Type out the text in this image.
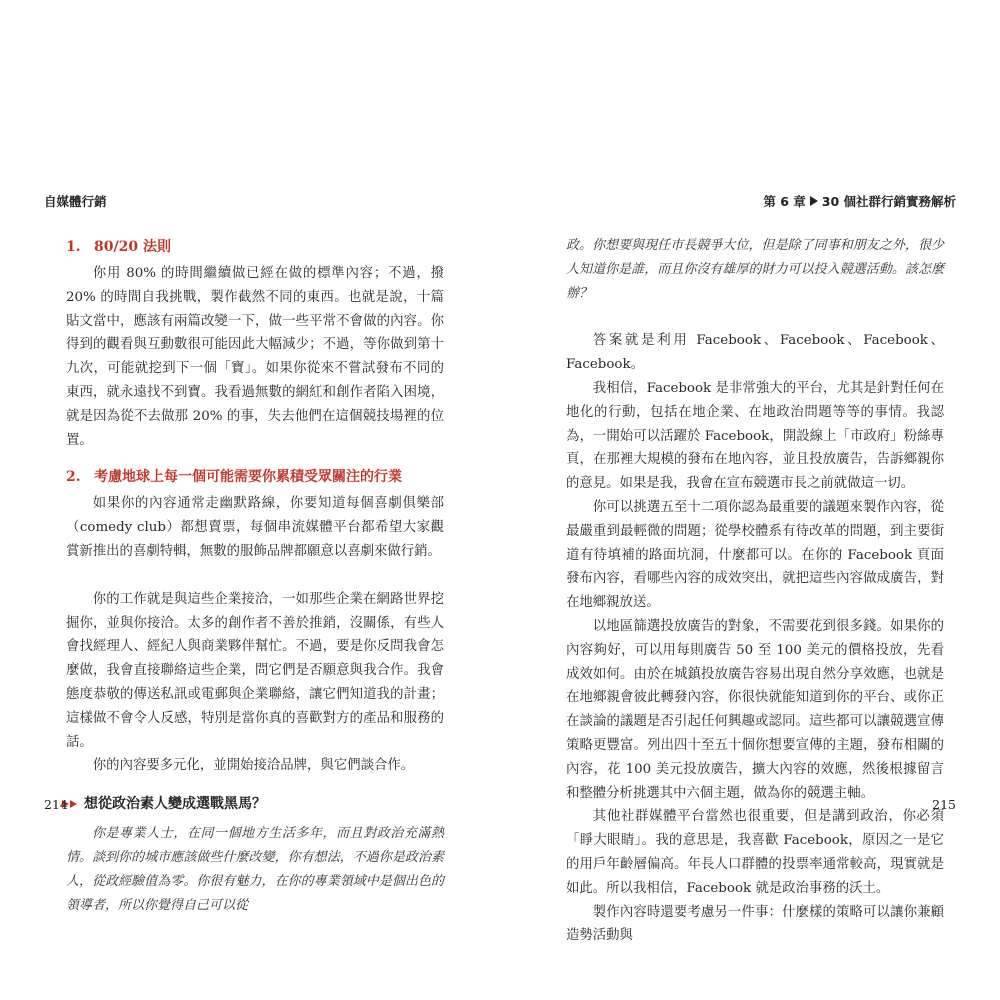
自媒體行銷	第 6 章 30 個社群行銷實務解析
1. 80/20 法則

你用 80% 的時間繼續做已經在做的標準內容；不過，撥 20% 的時間自我挑戰，製作截然不同的東西。也就是說，十篇貼文當中，應該有兩篇改變一下，做一些平常不會做的內容。你得到的觀看與互動數很可能因此大幅減少；不過，等你做到第十九次，可能就挖到下一個「寶」。如果你從來不嘗試發布不同的東西，就永遠找不到寶。我看過無數的網紅和創作者陷入困境，就是因為從不去做那 20% 的事，失去他們在這個競技場裡的位置。

2. 考慮地球上每一個可能需要你累積受眾關注的行業

如果你的內容通常走幽默路線，你要知道每個喜劇俱樂部（comedy club）都想賣票，每個串流媒體平台都希望大家觀賞新推出的喜劇特輯，無數的服飾品牌都願意以喜劇來做行銷。

你的工作就是與這些企業接洽，一如那些企業在網路世界挖掘你，並與你接洽。太多的創作者不善於推銷，沒關係，有些人會找經理人、經紀人與商業夥伴幫忙。不過，要是你反問我會怎麼做，我會直接聯絡這些企業，問它們是否願意與我合作。我會態度恭敬的傳送私訊或電郵與企業聯絡，讓它們知道我的計畫；這樣做不會令人反感，特別是當你真的喜歡對方的產品和服務的話。

你的內容要多元化，並開始接洽品牌，與它們談合作。

想從政治素人變成選戰黑馬？

你是專業人士，在同一個地方生活多年，而且對政治充滿熱情。談到你的城市應該做些什麼改變，你有想法，不過你是政治素人，從政經驗值為零。你很有魅力，在你的專業領域中是個出色的領導者，所以你覺得自己可以從

政。你想要與現任市長競爭大位，但是除了同事和朋友之外，很少人知道你是誰，而且你沒有雄厚的財力可以投入競選活動。該怎麼辦？

答案就是利用 Facebook、Facebook、Facebook、Facebook。

我相信，Facebook 是非常強大的平台，尤其是針對任何在地化的行動，包括在地企業、在地政治問題等等的事情。我認為，一開始可以活躍於 Facebook，開設線上「市政府」粉絲專頁，在那裡大規模的發布在地內容，並且投放廣告，告訴鄉親你的意見。如果是我，我會在宣布競選市長之前就做這一切。

你可以挑選五至十二項你認為最重要的議題來製作內容，從最嚴重到最輕微的問題；從學校體系有待改革的問題，到主要街道有待填補的路面坑洞，什麼都可以。在你的 Facebook 頁面發布內容，看哪些內容的成效突出，就把這些內容做成廣告，對在地鄉親放送。

以地區篩選投放廣告的對象，不需要花到很多錢。如果你的內容夠好，可以用每則廣告 50 至 100 美元的價格投放，先看成效如何。由於在城鎮投放廣告容易出現自然分享效應，也就是在地鄉親會彼此轉發內容，你很快就能知道到你的平台、或你正在談論的議題是否引起任何興趣或認同。這些都可以讓競選宣傳策略更豐富。列出四十至五十個你想要宣傳的主題，發布相關的內容，花 100 美元投放廣告，擴大內容的效應，然後根據留言和整體分析挑選其中六個主題，做為你的競選主軸。

其他社群媒體平台當然也很重要，但是講到政治，你必須「睜大眼睛」。我的意思是，我喜歡 Facebook，原因之一是它的用戶年齡層偏高。年長人口群體的投票率通常較高，現實就是如此。所以我相信，Facebook 就是政治事務的沃土。

製作內容時還要考慮另一件事：什麼樣的策略可以讓你兼顧造勢活動與

214	215
